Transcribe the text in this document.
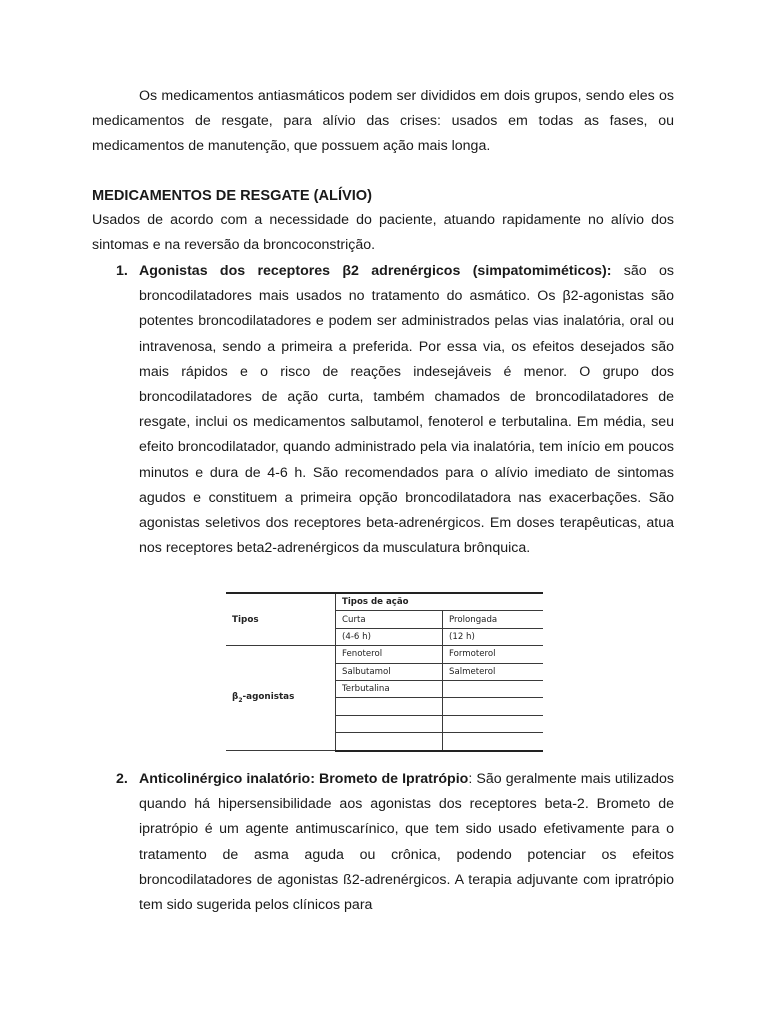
Os medicamentos antiasmáticos podem ser divididos em dois grupos, sendo eles os medicamentos de resgate, para alívio das crises: usados em todas as fases, ou medicamentos de manutenção, que possuem ação mais longa.

MEDICAMENTOS DE RESGATE (ALÍVIO)

Usados de acordo com a necessidade do paciente, atuando rapidamente no alívio dos sintomas e na reversão da broncoconstrição.

1. Agonistas dos receptores β2 adrenérgicos (simpatomiméticos): são os broncodilatadores mais usados no tratamento do asmático. Os β2-agonistas são potentes broncodilatadores e podem ser administrados pelas vias inalatória, oral ou intravenosa, sendo a primeira a preferida. Por essa via, os efeitos desejados são mais rápidos e o risco de reações indesejáveis é menor. O grupo dos broncodilatadores de ação curta, também chamados de broncodilatadores de resgate, inclui os medicamentos salbutamol, fenoterol e terbutalina. Em média, seu efeito broncodilatador, quando administrado pela via inalatória, tem início em poucos minutos e dura de 4-6 h. São recomendados para o alívio imediato de sintomas agudos e constituem a primeira opção broncodilatadora nas exacerbações. São agonistas seletivos dos receptores beta-adrenérgicos. Em doses terapêuticas, atua nos receptores beta2-adrenérgicos da musculatura brônquica.
Tipos	Tipos de ação	
	Curta	Prolongada
	(4-6 h)	(12 h)
$\beta_2$-agonistas	Fenoterol	Formoterol
	Salbutamol	Salmeterol
	Terbutalina	

2. Anticolinérgico inalatório: Brometo de Ipratrópio: São geralmente mais utilizados quando há hipersensibilidade aos agonistas dos receptores beta-2. Brometo de ipratrópio é um agente antimuscarínico, que tem sido usado efetivamente para o tratamento de asma aguda ou crônica, podendo potenciar os efeitos broncodilatadores de agonistas ß2-adrenérgicos. A terapia adjuvante com ipratrópio tem sido sugerida pelos clínicos para
